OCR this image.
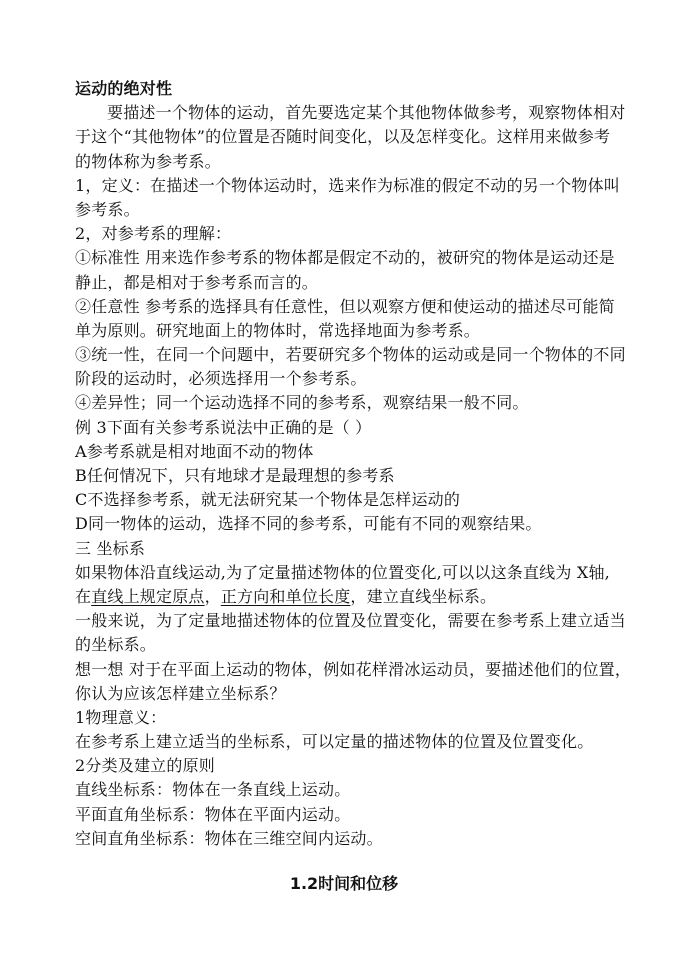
运动的绝对性
要描述一个物体的运动，首先要选定某个其他物体做参考，观察物体相对
于这个“其他物体”的位置是否随时间变化，以及怎样变化。这样用来做参考
的物体称为参考系。
1，定义：在描述一个物体运动时，选来作为标准的假定不动的另一个物体叫
参考系。
2，对参考系的理解：
①标准性 用来选作参考系的物体都是假定不动的，被研究的物体是运动还是
静止，都是相对于参考系而言的。
②任意性 参考系的选择具有任意性，但以观察方便和使运动的描述尽可能简
单为原则。研究地面上的物体时，常选择地面为参考系。
③统一性，在同一个问题中，若要研究多个物体的运动或是同一个物体的不同
阶段的运动时，必须选择用一个参考系。
④差异性；同一个运动选择不同的参考系，观察结果一般不同。
例 3下面有关参考系说法中正确的是（ ）
A参考系就是相对地面不动的物体
B任何情况下，只有地球才是最理想的参考系
C不选择参考系，就无法研究某一个物体是怎样运动的
D同一物体的运动，选择不同的参考系，可能有不同的观察结果。
三 坐标系
如果物体沿直线运动,为了定量描述物体的位置变化,可以以这条直线为 X轴,
在直线上规定原点，正方向和单位长度，建立直线坐标系。
一般来说，为了定量地描述物体的位置及位置变化，需要在参考系上建立适当
的坐标系。
想一想 对于在平面上运动的物体，例如花样滑冰运动员，要描述他们的位置，
你认为应该怎样建立坐标系？
1物理意义：
在参考系上建立适当的坐标系，可以定量的描述物体的位置及位置变化。
2分类及建立的原则
直线坐标系：物体在一条直线上运动。
平面直角坐标系：物体在平面内运动。
空间直角坐标系：物体在三维空间内运动。
1.2时间和位移
